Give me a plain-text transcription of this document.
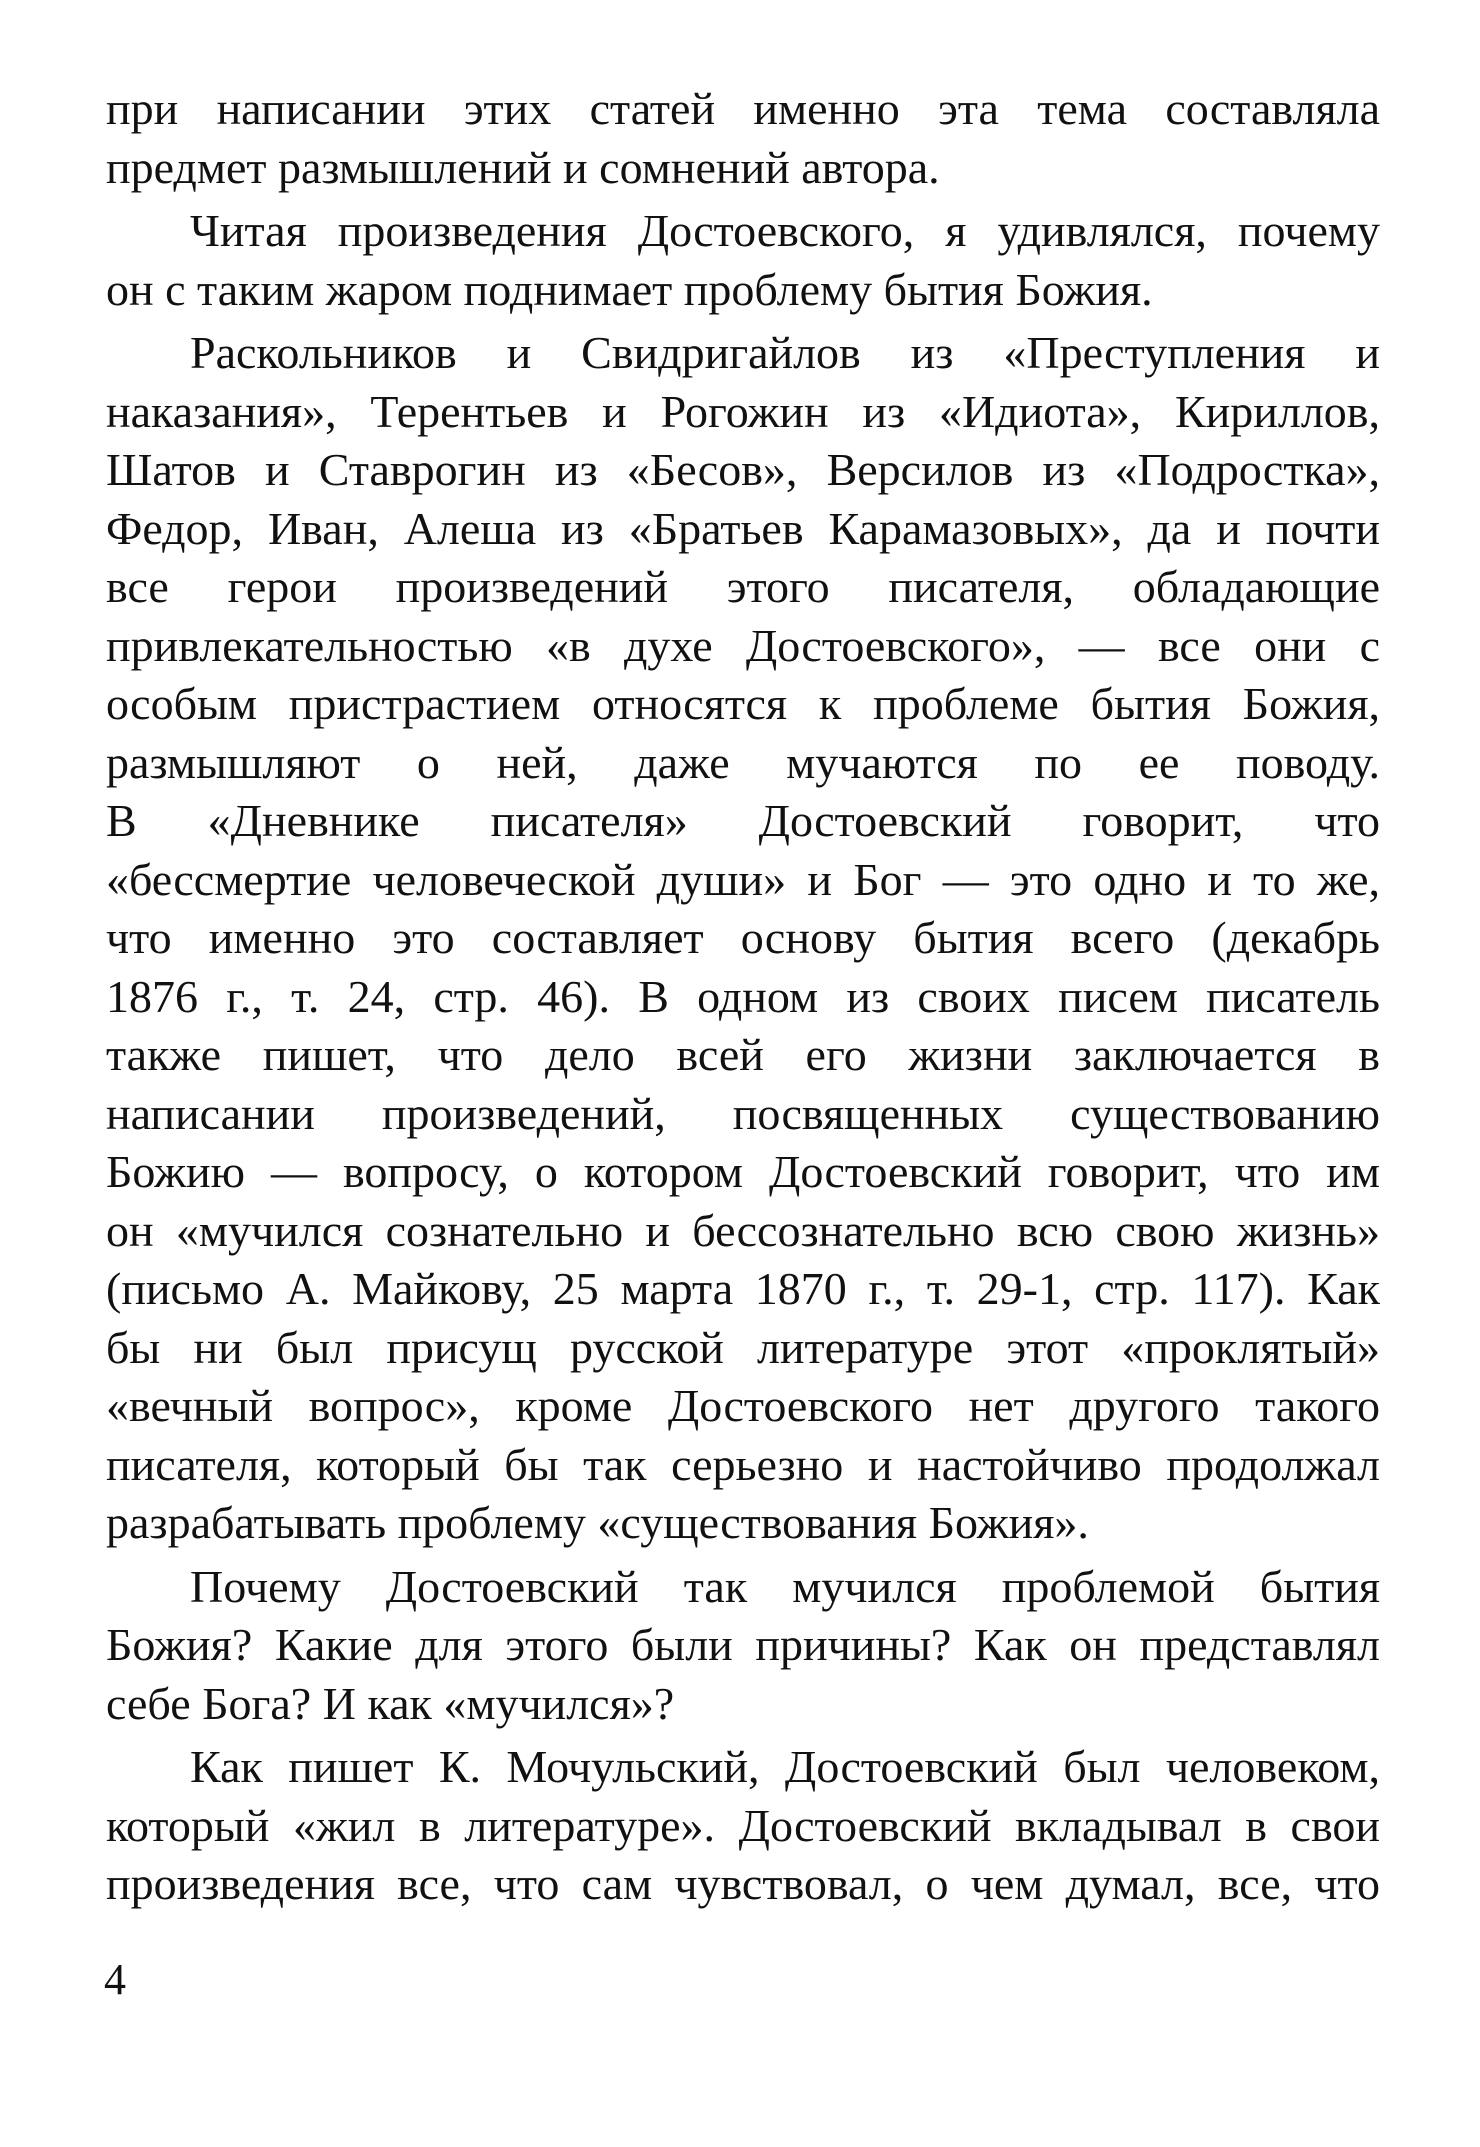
при написании этих статей именно эта тема составляла
предмет размышлений и сомнений автора.
Читая произведения Достоевского, я удивлялся, почему
он с таким жаром поднимает проблему бытия Божия.
Раскольников и Свидригайлов из «Преступления и
наказания», Терентьев и Рогожин из «Идиота», Кириллов,
Шатов и Ставрогин из «Бесов», Версилов из «Подростка»,
Федор, Иван, Алеша из «Братьев Карамазовых», да и почти
все герои произведений этого писателя, обладающие
привлекательностью «в духе Достоевского», — все они с
особым пристрастием относятся к проблеме бытия Божия,
размышляют о ней, даже мучаются по ее поводу.
В «Дневнике писателя» Достоевский говорит, что
«бессмертие человеческой души» и Бог — это одно и то же,
что именно это составляет основу бытия всего (декабрь
1876 г., т. 24, стр. 46). В одном из своих писем писатель
также пишет, что дело всей его жизни заключается в
написании произведений, посвященных существованию
Божию — вопросу, о котором Достоевский говорит, что им
он «мучился сознательно и бессознательно всю свою жизнь»
(письмо А. Майкову, 25 марта 1870 г., т. 29-1, стр. 117). Как
бы ни был присущ русской литературе этот «проклятый»
«вечный вопрос», кроме Достоевского нет другого такого
писателя, который бы так серьезно и настойчиво продолжал
разрабатывать проблему «существования Божия».
Почему Достоевский так мучился проблемой бытия
Божия? Какие для этого были причины? Как он представлял
себе Бога? И как «мучился»?
Как пишет К. Мочульский, Достоевский был человеком,
который «жил в литературе». Достоевский вкладывал в свои
произведения все, что сам чувствовал, о чем думал, все, что
4
